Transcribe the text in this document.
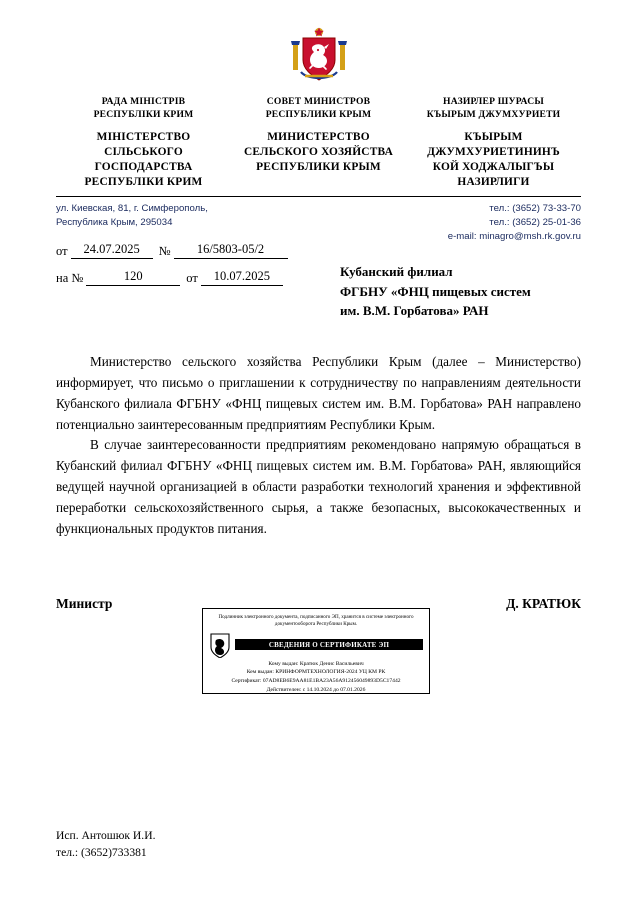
РАДА МІНІСТРІВ
РЕСПУБЛІКИ КРИМ
МІНІСТЕРСТВО
СІЛЬСЬКОГО
ГОСПОДАРСТВА
РЕСПУБЛІКИ КРИМ
СОВЕТ МИНИСТРОВ
РЕСПУБЛИКИ КРЫМ
МИНИСТЕРСТВО
СЕЛЬСКОГО ХОЗЯЙСТВА
РЕСПУБЛИКИ КРЫМ
НАЗИРЛЕР ШУРАСЫ
КЪЫРЫМ ДЖУМХУРИЕТИ
КЪЫРЫМ
ДЖУМХУРИЕТИНИНЪ
КОЙ ХОДЖАЛЫГЪЫ
НАЗИРЛИГИ
ул. Киевская, 81, г. Симферополь,
Республика Крым, 295034
тел.: (3652) 73-33-70
тел.: (3652) 25-01-36
e-mail: minagro@msh.rk.gov.ru
от	24.07.2025	№	16/5803-05/2
на №	120	от	10.07.2025	Кубанский филиал
ФГБНУ «ФНЦ пищевых систем
им. В.М. Горбатова» РАН

Министерство сельского хозяйства Республики Крым (далее – Министерство) информирует, что письмо о приглашении к сотрудничеству по направлениям деятельности Кубанского филиала ФГБНУ «ФНЦ пищевых систем им. В.М. Горбатова» РАН направлено потенциально заинтересованным предприятиям Республики Крым.

В случае заинтересованности предприятиям рекомендовано напрямую обращаться в Кубанский филиал ФГБНУ «ФНЦ пищевых систем им. В.М. Горбатова» РАН, являющийся ведущей научной организацией в области разработки технологий хранения и эффективной переработки сельскохозяйственного сырья, а также безопасных, высококачественных и функциональных продуктов питания.

Министр	Д. КРАТЮК
Подлинник электронного документа, подписанного ЭП, хранится в системе электронного документооборота Республики Крым.
СВЕДЕНИЯ О СЕРТИФИКАТЕ ЭП
Кому выдан: Кратюк Денис Васильевич
Кем выдан: КРИНФОРМТЕХНОЛОГИЯ-2024 УЦ КМ РК
Сертификат: 07AD8EB6E9AA81E1BA23A56A912456049893D5C17442
Действителен: с 14.10.2024 до 07.01.2026
Исп. Антошюк И.И.
тел.: (3652)733381
